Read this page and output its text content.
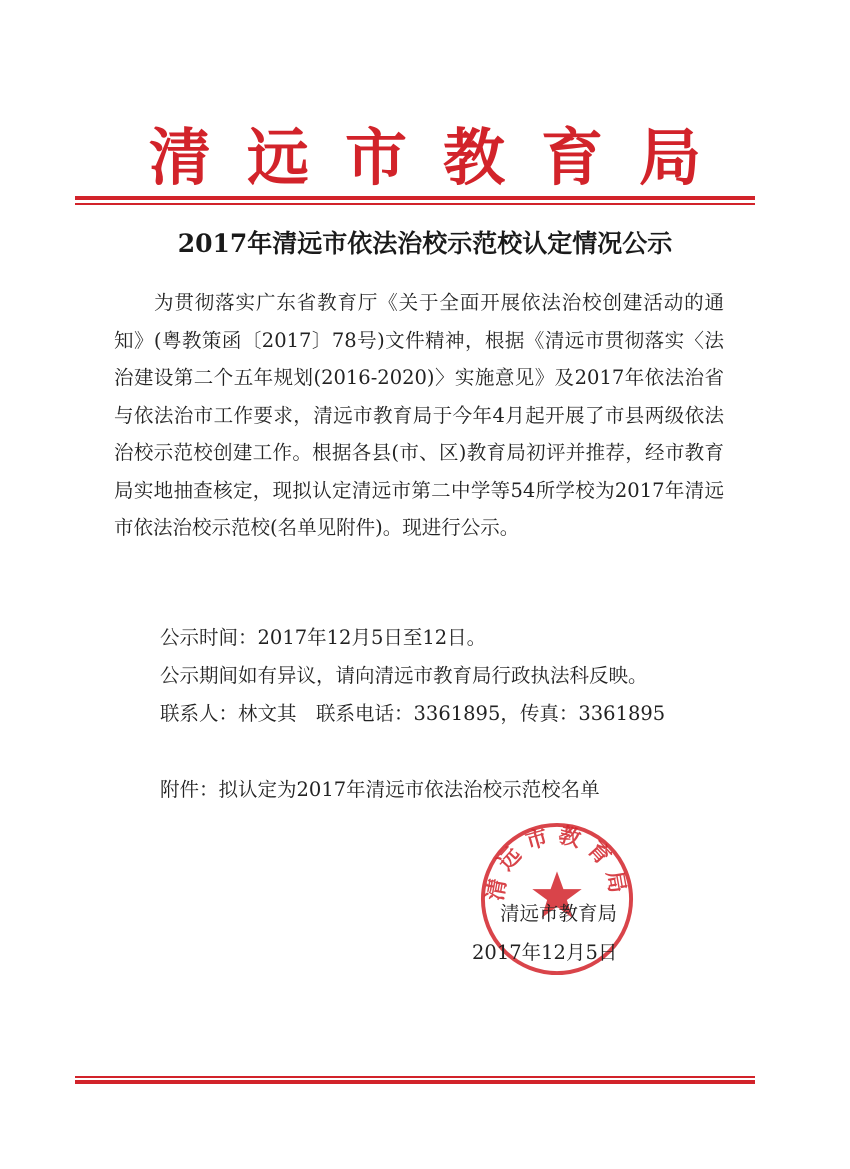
清远市教育局
2017年清远市依法治校示范校认定情况公示

为贯彻落实广东省教育厅《关于全面开展依法治校创建活动的通知》(粤教策函〔2017〕78号)文件精神，根据《清远市贯彻落实〈法治建设第二个五年规划(2016-2020)〉实施意见》及2017年依法治省与依法治市工作要求，清远市教育局于今年4月起开展了市县两级依法治校示范校创建工作。根据各县(市、区)教育局初评并推荐，经市教育局实地抽查核定，现拟认定清远市第二中学等54所学校为2017年清远市依法治校示范校(名单见附件)。现进行公示。

公示时间：2017年12月5日至12日。

公示期间如有异议，请向清远市教育局行政执法科反映。

联系人：林文其　联系电话：3361895，传真：3361895

附件：拟认定为2017年清远市依法治校示范校名单

清远市教育局
清远市教育局
2017年12月5日
